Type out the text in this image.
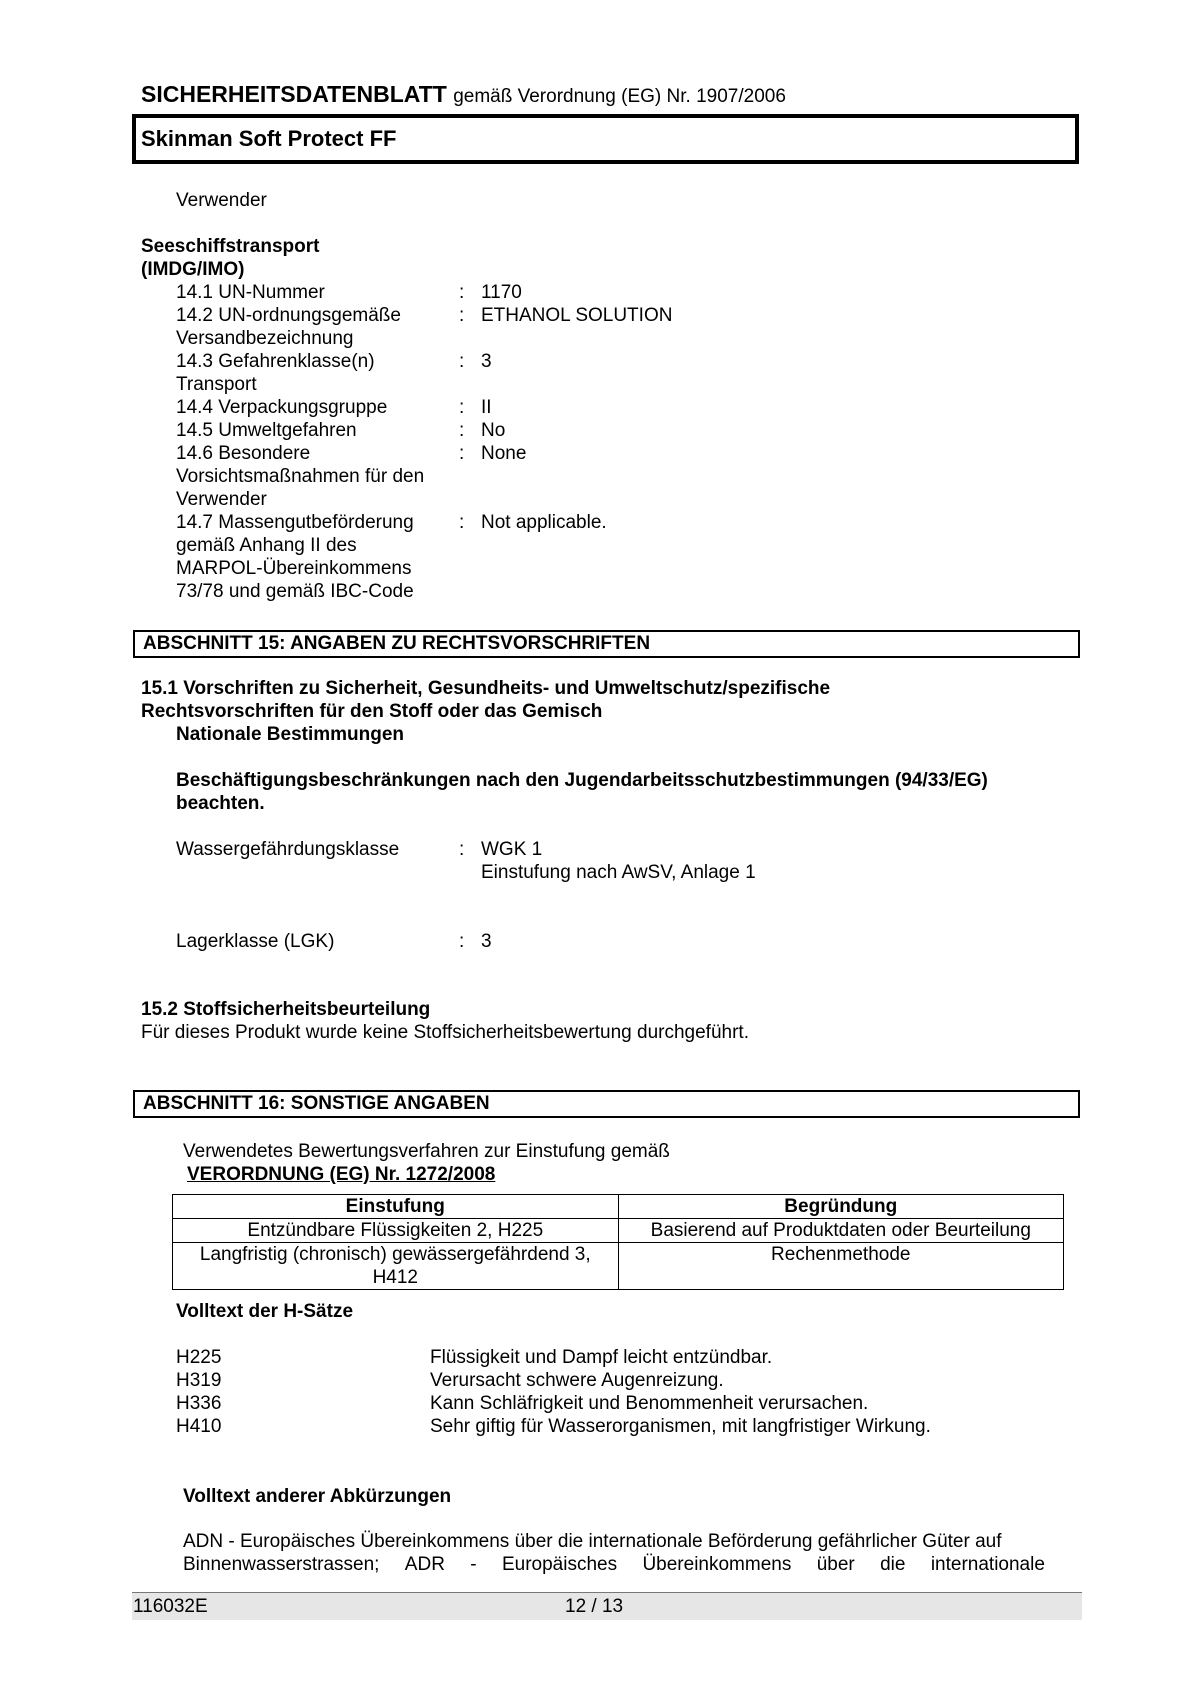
SICHERHEITSDATENBLATT gemäß Verordnung (EG) Nr. 1907/2006
Skinman Soft Protect FF
Verwender
Seeschiffstransport
(IMDG/IMO)
14.1 UN-Nummer	: 1170
14.2 UN-ordnungsgemäße
Versandbezeichnung
: ETHANOL SOLUTION
14.3 Gefahrenklasse(n)
Transport
: 3
14.4 Verpackungsgruppe	: II
14.5 Umweltgefahren	: No
14.6 Besondere
Vorsichtsmaßnahmen für den
Verwender
: None
14.7 Massengutbeförderung
gemäß Anhang II des
MARPOL-Übereinkommens
73/78 und gemäß IBC-Code
: Not applicable.
ABSCHNITT 15: ANGABEN ZU RECHTSVORSCHRIFTEN
15.1 Vorschriften zu Sicherheit, Gesundheits- und Umweltschutz/spezifische
Rechtsvorschriften für den Stoff oder das Gemisch
Nationale Bestimmungen
Beschäftigungsbeschränkungen nach den Jugendarbeitsschutzbestimmungen (94/33/EG)
beachten.
Wassergefährdungsklasse	: WGK 1
Einstufung nach AwSV, Anlage 1
Lagerklasse (LGK)	: 3
15.2 Stoffsicherheitsbeurteilung
Für dieses Produkt wurde keine Stoffsicherheitsbewertung durchgeführt.
ABSCHNITT 16: SONSTIGE ANGABEN
Verwendetes Bewertungsverfahren zur Einstufung gemäß
VERORDNUNG (EG) Nr. 1272/2008
Einstufung	Begründung
Entzündbare Flüssigkeiten 2, H225	Basierend auf Produktdaten oder Beurteilung
Langfristig (chronisch) gewässergefährdend 3, H412	Rechenmethode
Volltext der H-Sätze
H225	Flüssigkeit und Dampf leicht entzündbar.
H319	Verursacht schwere Augenreizung.
H336	Kann Schläfrigkeit und Benommenheit verursachen.
H410	Sehr giftig für Wasserorganismen, mit langfristiger Wirkung.
Volltext anderer Abkürzungen
ADN - Europäisches Übereinkommens über die internationale Beförderung gefährlicher Güter auf
Binnenwasserstrassen; ADR - Europäisches Übereinkommens über die internationale
116032E	12 / 13
